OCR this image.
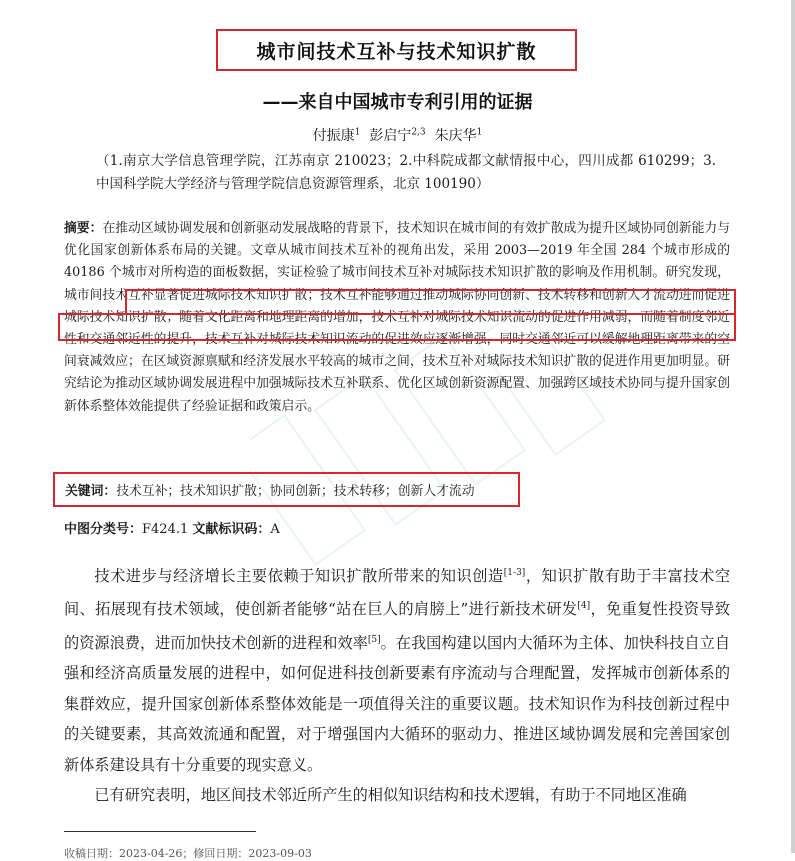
城市间技术互补与技术知识扩散
——来自中国城市专利引用的证据
付振康$^1$ 彭启宁$^{2,3}$ 朱庆华$^1$
（1.南京大学信息管理学院，江苏南京 210023；2.中科院成都文献情报中心，四川成都 610299；3.中国科学院大学经济与管理学院信息资源管理系，北京 100190）
摘要：在推动区域协调发展和创新驱动发展战略的背景下，技术知识在城市间的有效扩散成为提升区域协同创新能力与优化国家创新体系布局的关键。文章从城市间技术互补的视角出发，采用 2003—2019 年全国 284 个城市形成的 40186 个城市对所构造的面板数据，实证检验了城市间技术互补对城际技术知识扩散的影响及作用机制。研究发现，城市间技术互补显著促进城际技术知识扩散；技术互补能够通过推动城际协同创新、技术转移和创新人才流动进而促进城际技术知识扩散；随着文化距离和地理距离的增加，技术互补对城际技术知识流动的促进作用减弱，而随着制度邻近性和交通邻近性的提升，技术互补对城际技术知识流动的促进效应逐渐增强，同时交通邻近可以缓解地理距离带来的空间衰减效应；在区域资源禀赋和经济发展水平较高的城市之间，技术互补对城际技术知识扩散的促进作用更加明显。研究结论为推动区域协调发展进程中加强城际技术互补联系、优化区域创新资源配置、加强跨区域技术协同与提升国家创新体系整体效能提供了经验证据和政策启示。
关键词： 技术互补；技术知识扩散；协同创新；技术转移；创新人才流动
中图分类号：F424.1 文献标识码：A

技术进步与经济增长主要依赖于知识扩散所带来的知识创造[1-3]，知识扩散有助于丰富技术空间、拓展现有技术领域，使创新者能够“站在巨人的肩膀上”进行新技术研发[4]，免重复性投资导致的资源浪费，进而加快技术创新的进程和效率[5]。在我国构建以国内大循环为主体、加快科技自立自强和经济高质量发展的进程中，如何促进科技创新要素有序流动与合理配置，发挥城市创新体系的集群效应，提升国家创新体系整体效能是一项值得关注的重要议题。技术知识作为科技创新过程中的关键要素，其高效流通和配置，对于增强国内大循环的驱动力、推进区域协调发展和完善国家创新体系建设具有十分重要的现实意义。

已有研究表明，地区间技术邻近所产生的相似知识结构和技术逻辑，有助于不同地区准确

收稿日期：2023-04-26；修回日期：2023-09-03
